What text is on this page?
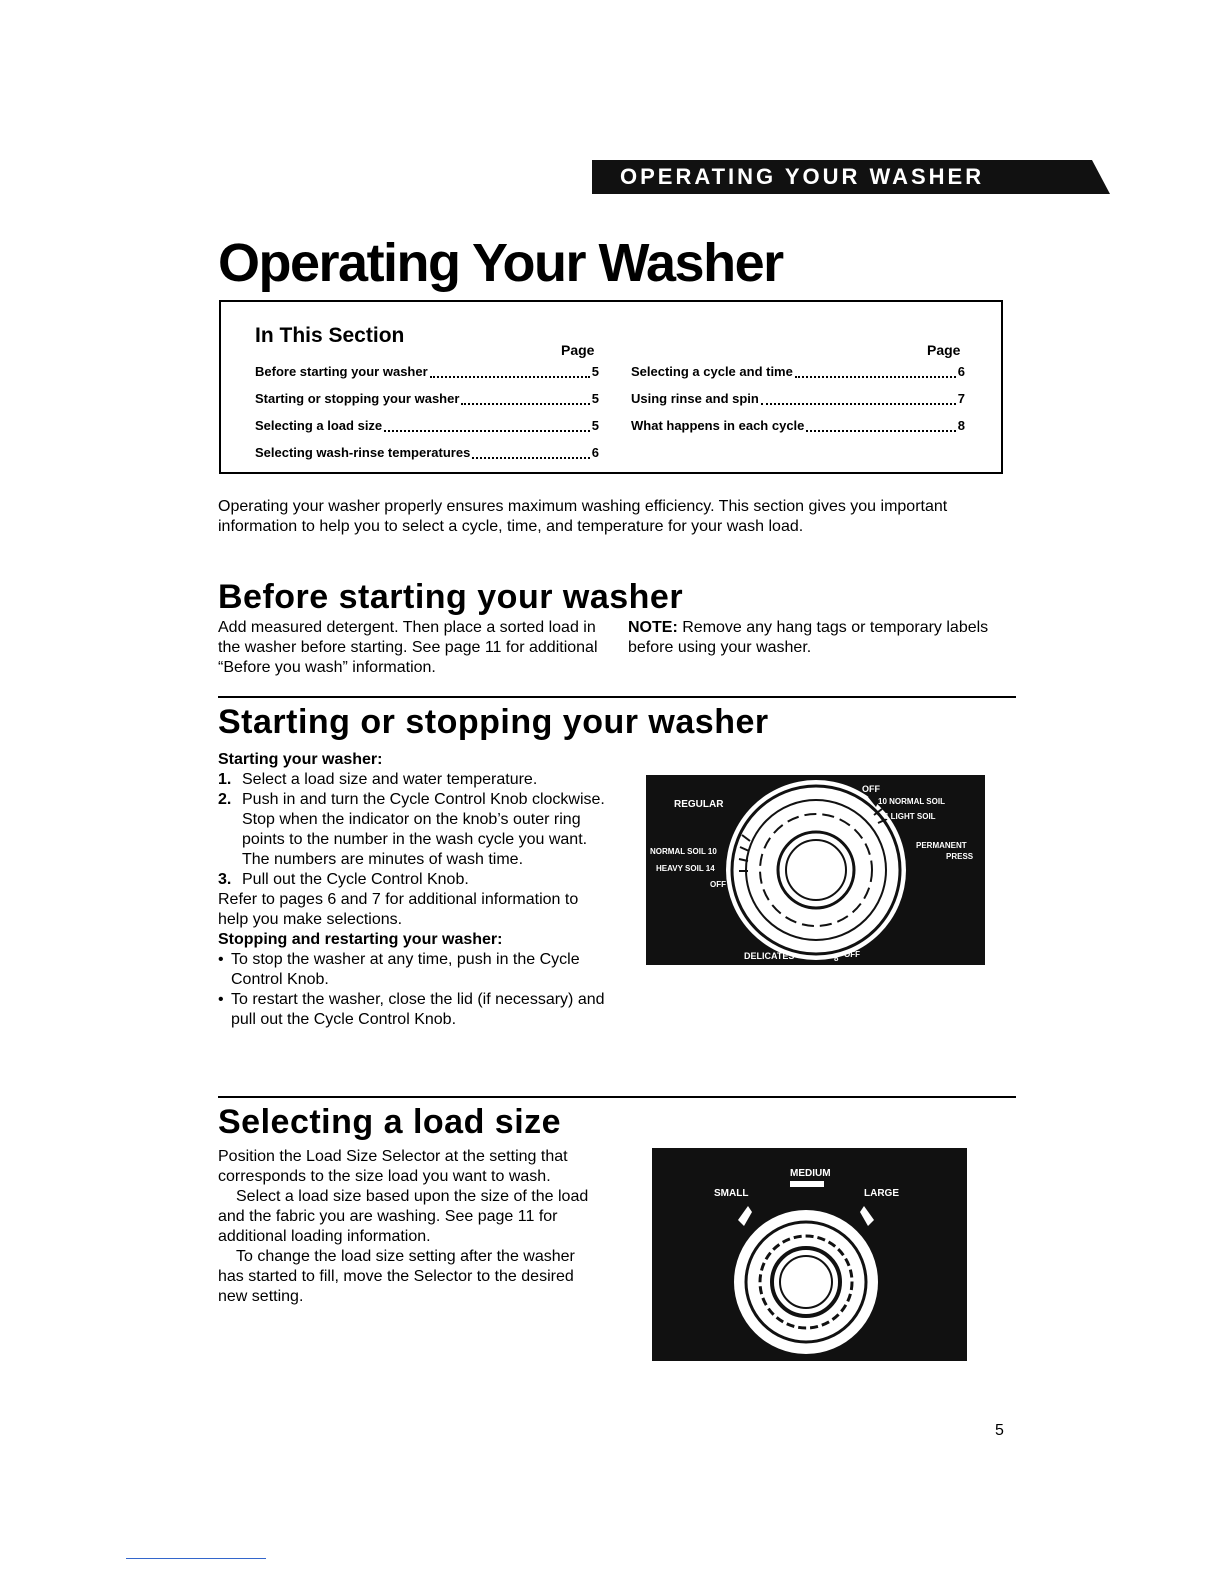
OPERATING YOUR WASHER
Operating Your Washer
In This Section
Page	Page
Before starting your washer	5
Starting or stopping your washer	5
Selecting a load size	5
Selecting wash-rinse temperatures	6
Selecting a cycle and time	6
Using rinse and spin	7
What happens in each cycle	8
Operating your washer properly ensures maximum washing efficiency. This section gives you important information to help you to select a cycle, time, and temperature for your wash load.
Before starting your washer
Add measured detergent. Then place a sorted load in the washer before starting. See page 11 for additional “Before you wash” information.
NOTE: Remove any hang tags or temporary labels before using your washer.
Starting or stopping your washer
Starting your washer:
1. Select a load size and water temperature.
2. Push in and turn the Cycle Control Knob clockwise. Stop when the indicator on the knob’s outer ring points to the number in the wash cycle you want. The numbers are minutes of wash time.
3. Pull out the Cycle Control Knob.
Refer to pages 6 and 7 for additional information to help you make selections.
Stopping and restarting your washer:
• To stop the washer at any time, push in the Cycle Control Knob.
• To restart the washer, close the lid (if necessary) and pull out the Cycle Control Knob.
REGULAR
OFF
10 NORMAL SOIL
6 LIGHT SOIL
PERMANENT
PRESS
NORMAL SOIL 10
HEAVY SOIL 14
OFF
DELICATES	8 OFF
Selecting a load size
Position the Load Size Selector at the setting that corresponds to the size load you want to wash.
Select a load size based upon the size of the load and the fabric you are washing. See page 11 for additional loading information.
To change the load size setting after the washer has started to fill, move the Selector to the desired new setting.
MEDIUM
SMALL	LARGE
5
